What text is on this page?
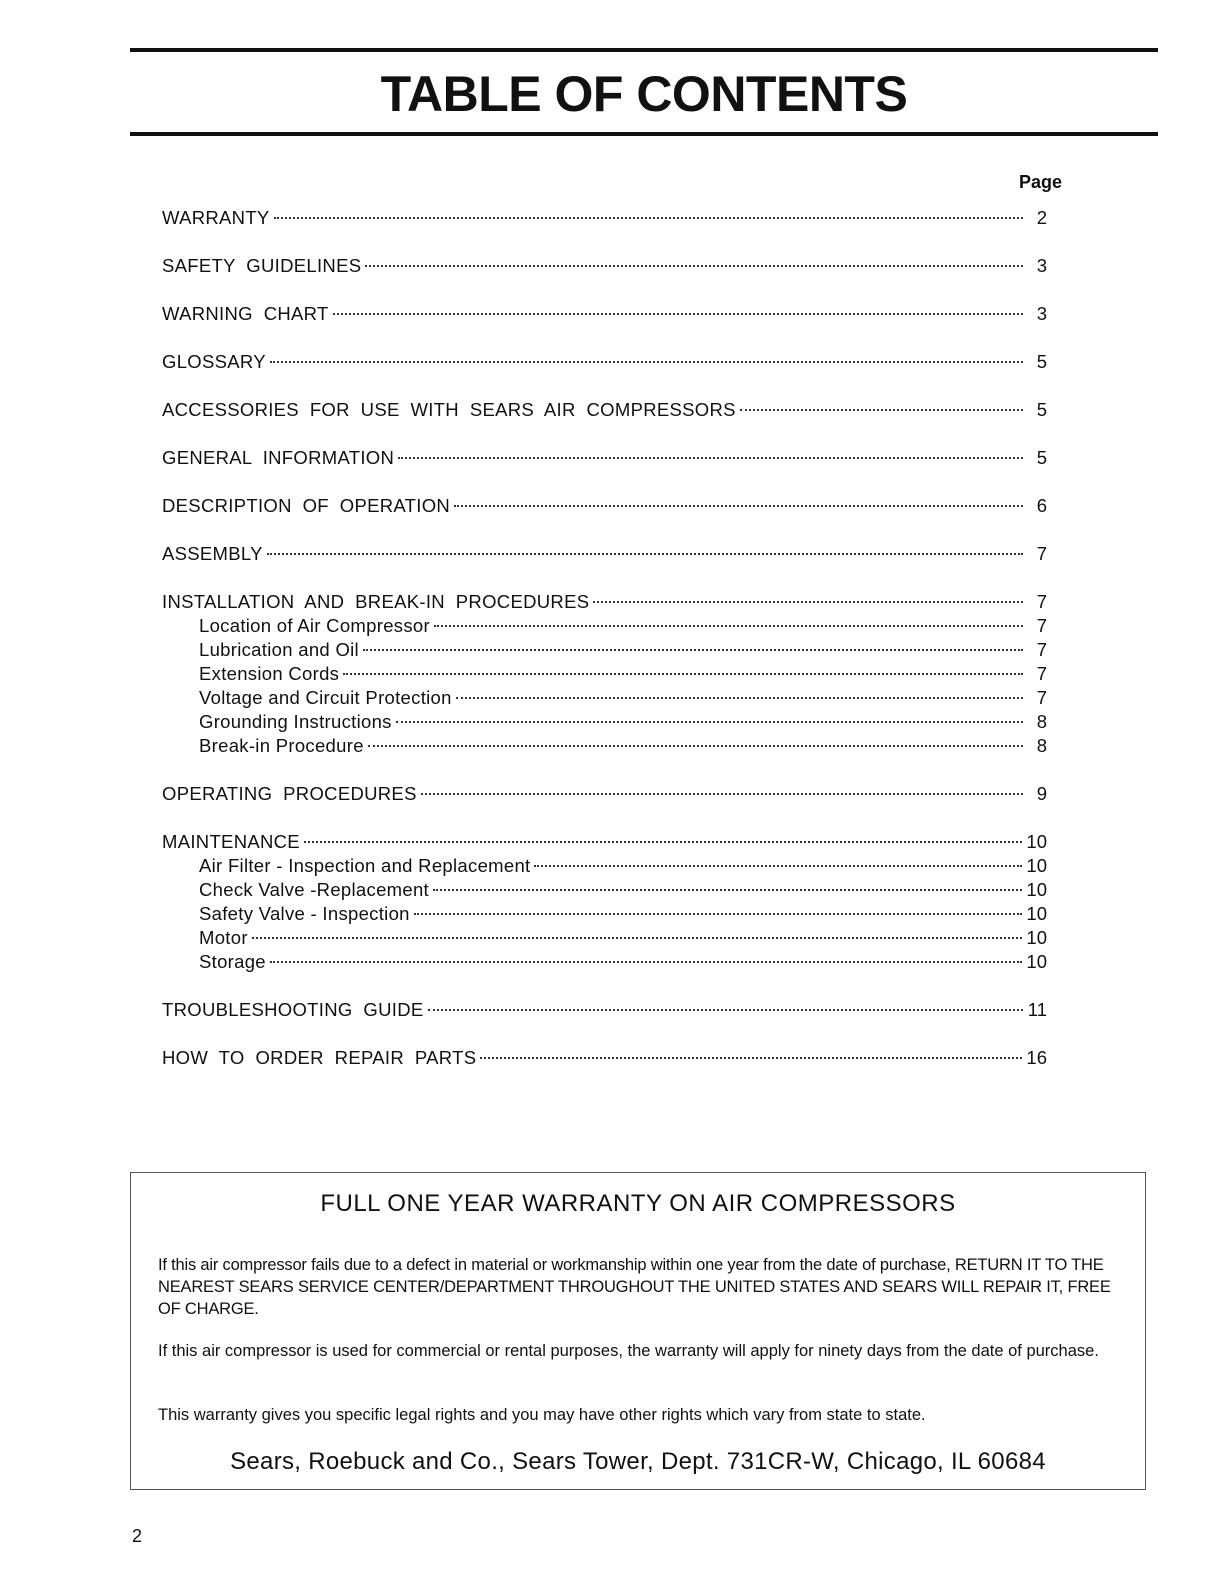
TABLE OF CONTENTS
Page
WARRANTY	2
SAFETY  GUIDELINES	3
WARNING  CHART	3
GLOSSARY	5
ACCESSORIES  FOR  USE  WITH  SEARS  AIR  COMPRESSORS	5
GENERAL  INFORMATION	5
DESCRIPTION  OF  OPERATION	6
ASSEMBLY	7
INSTALLATION  AND  BREAK-IN  PROCEDURES	7
Location of Air Compressor	7
Lubrication and Oil	7
Extension Cords	7
Voltage and Circuit Protection	7
Grounding Instructions	8
Break-in Procedure	8
OPERATING  PROCEDURES	9
MAINTENANCE	10
Air Filter - Inspection and Replacement	10
Check Valve -Replacement	10
Safety Valve - Inspection	10
Motor	10
Storage	10
TROUBLESHOOTING  GUIDE	11
HOW  TO  ORDER  REPAIR  PARTS	16
FULL ONE YEAR WARRANTY ON AIR COMPRESSORS
If this air compressor fails due to a defect in material or workmanship within one year from the date of purchase, RETURN IT TO THE NEAREST SEARS SERVICE CENTER/DEPARTMENT THROUGHOUT THE UNITED STATES AND SEARS WILL REPAIR IT, FREE OF CHARGE.
If this air compressor is used for commercial or rental purposes, the warranty will apply for ninety days from the date of purchase.
This warranty gives you specific legal rights and you may have other rights which vary from state to state.
Sears, Roebuck and Co., Sears Tower, Dept. 731CR-W, Chicago, IL 60684
2
